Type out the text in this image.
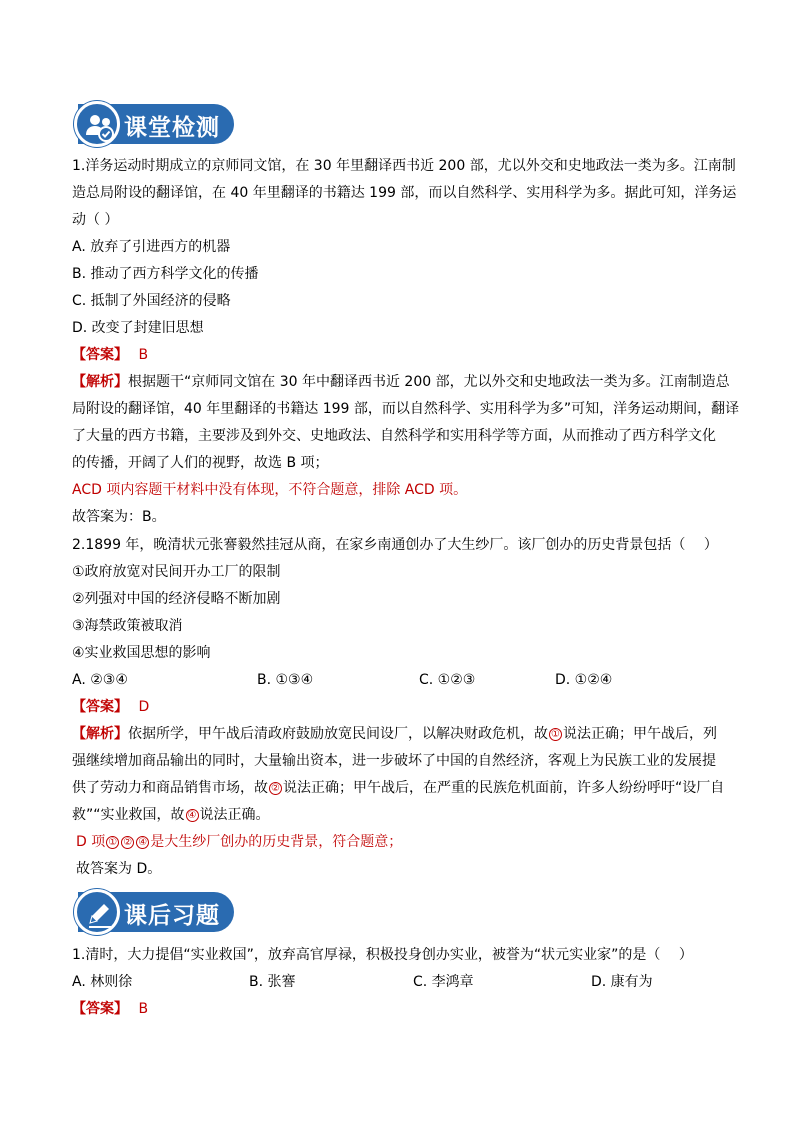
课堂检测
1.洋务运动时期成立的京师同文馆，在 30 年里翻译西书近 200 部，尤以外交和史地政法一类为多。江南制
造总局附设的翻译馆，在 40 年里翻译的书籍达 199 部，而以自然科学、实用科学为多。据此可知，洋务运
动（ ）
A. 放弃了引进西方的机器
B. 推动了西方科学文化的传播
C. 抵制了外国经济的侵略
D. 改变了封建旧思想
【答案】 B
【解析】根据题干“京师同文馆在 30 年中翻译西书近 200 部，尤以外交和史地政法一类为多。江南制造总
局附设的翻译馆，40 年里翻译的书籍达 199 部，而以自然科学、实用科学为多”可知，洋务运动期间，翻译
了大量的西方书籍，主要涉及到外交、史地政法、自然科学和实用科学等方面，从而推动了西方科学文化
的传播，开阔了人们的视野，故选 B 项；
ACD 项内容题干材料中没有体现，不符合题意，排除 ACD 项。
故答案为：B。
2.1899 年，晚清状元张謇毅然挂冠从商，在家乡南通创办了大生纱厂。该厂创办的历史背景包括（　 ）
①政府放宽对民间开办工厂的限制
②列强对中国的经济侵略不断加剧
③海禁政策被取消
④实业救国思想的影响
A. ②③④	B. ①③④	C. ①②③	D. ①②④
【答案】 D
【解析】依据所学，甲午战后清政府鼓励放宽民间设厂，以解决财政危机，故 ① 说法正确；甲午战后，列
强继续增加商品输出的同时，大量输出资本，进一步破坏了中国的自然经济，客观上为民族工业的发展提
供了劳动力和商品销售市场，故 ② 说法正确；甲午战后，在严重的民族危机面前，许多人纷纷呼吁“设厂自
救”“实业救国，故 ④ 说法正确。
D 项 ① ② ④ 是大生纱厂创办的历史背景，符合题意；
故答案为 D。
课后习题
1.清时，大力提倡“实业救国”，放弃高官厚禄，积极投身创办实业，被誉为“状元实业家”的是（　 ）
A. 林则徐	B. 张謇	C. 李鸿章	D. 康有为
【答案】 B
